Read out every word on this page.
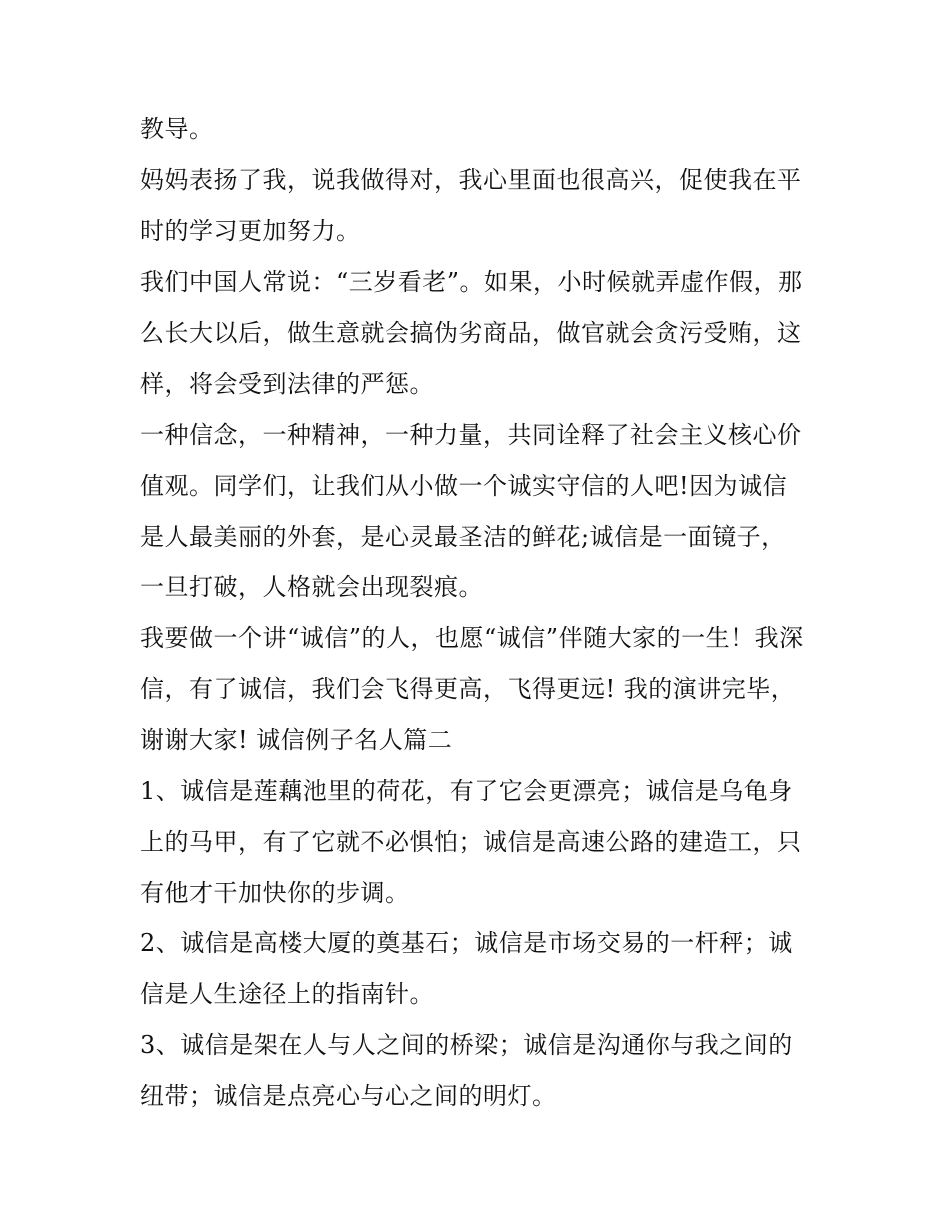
教导。
妈妈表扬了我，说我做得对，我心里面也很高兴，促使我在平
时的学习更加努力。
我们中国人常说：“三岁看老”。如果，小时候就弄虚作假，那
么长大以后，做生意就会搞伪劣商品，做官就会贪污受贿，这
样，将会受到法律的严惩。
一种信念，一种精神，一种力量，共同诠释了社会主义核心价
值观。同学们，让我们从小做一个诚实守信的人吧!因为诚信
是人最美丽的外套，是心灵最圣洁的鲜花;诚信是一面镜子，
一旦打破，人格就会出现裂痕。
我要做一个讲“诚信”的人，也愿“诚信”伴随大家的一生！我深
信，有了诚信，我们会飞得更高，飞得更远! 我的演讲完毕，
谢谢大家! 诚信例子名人篇二
1、诚信是莲藕池里的荷花，有了它会更漂亮；诚信是乌龟身
上的马甲，有了它就不必惧怕；诚信是高速公路的建造工，只
有他才干加快你的步调。
2、诚信是高楼大厦的奠基石；诚信是市场交易的一杆秤；诚
信是人生途径上的指南针。
3、诚信是架在人与人之间的桥梁；诚信是沟通你与我之间的
纽带；诚信是点亮心与心之间的明灯。
